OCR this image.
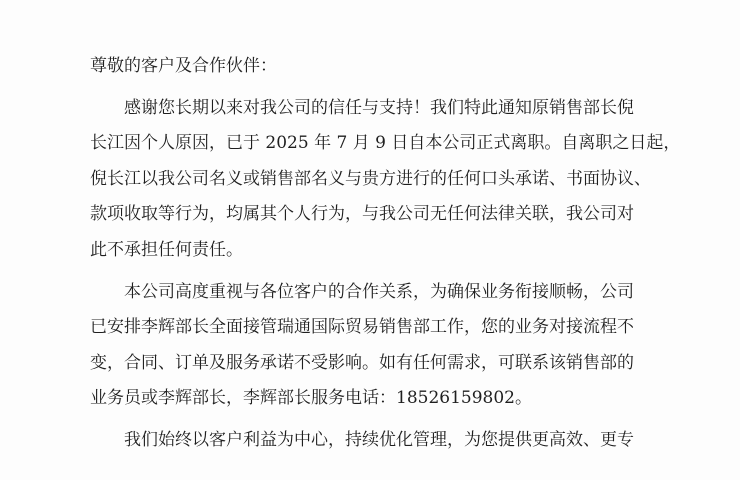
尊敬的客户及合作伙伴：
感谢您长期以来对我公司的信任与支持！我们特此通知原销售部长倪
长江因个人原因，已于 2025 年 7 月 9 日自本公司正式离职。自离职之日起，
倪长江以我公司名义或销售部名义与贵方进行的任何口头承诺、书面协议、
款项收取等行为，均属其个人行为，与我公司无任何法律关联，我公司对
此不承担任何责任。
本公司高度重视与各位客户的合作关系，为确保业务衔接顺畅，公司
已安排李辉部长全面接管瑞通国际贸易销售部工作，您的业务对接流程不
变，合同、订单及服务承诺不受影响。如有任何需求，可联系该销售部的
业务员或李辉部长，李辉部长服务电话：18526159802。
我们始终以客户利益为中心，持续优化管理，为您提供更高效、更专
